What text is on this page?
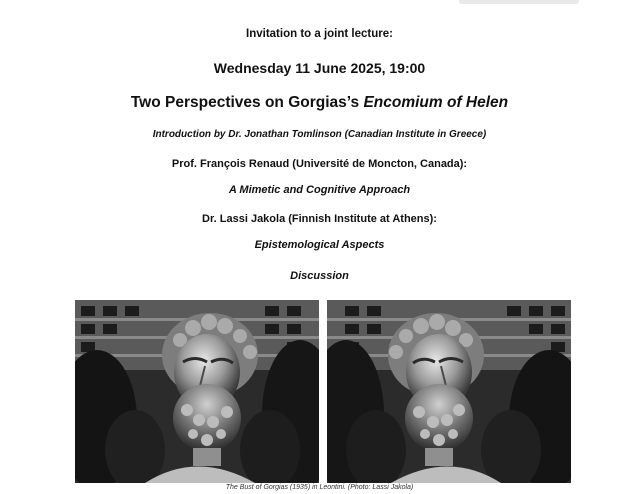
Invitation to a joint lecture:
Wednesday 11 June 2025, 19:00
Two Perspectives on Gorgias’s Encomium of Helen
Introduction by Dr. Jonathan Tomlinson (Canadian Institute in Greece)
Prof. François Renaud (Université de Moncton, Canada):
A Mimetic and Cognitive Approach
Dr. Lassi Jakola (Finnish Institute at Athens):
Epistemological Aspects
Discussion
The Bust of Gorgias (1935) in Leontini. (Photo: Lassi Jakola)
